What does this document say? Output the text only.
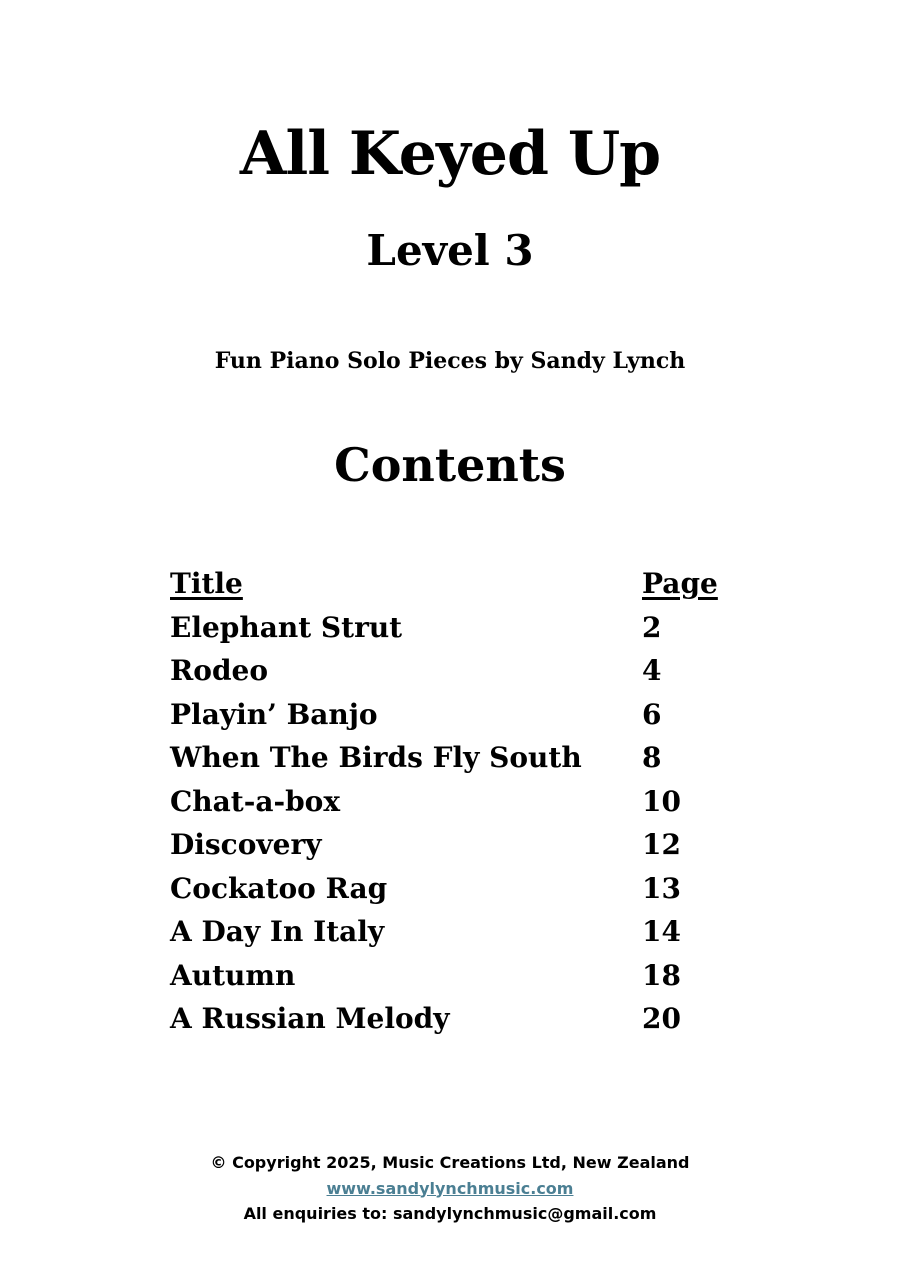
All Keyed Up
Level 3
Fun Piano Solo Pieces by Sandy Lynch
Contents
Title	Page
Elephant Strut	2
Rodeo	4
Playin’ Banjo	6
When The Birds Fly South	8
Chat-a-box	10
Discovery	12
Cockatoo Rag	13
A Day In Italy	14
Autumn	18
A Russian Melody	20
© Copyright 2025, Music Creations Ltd, New Zealand
www.sandylynchmusic.com
All enquiries to: sandylynchmusic@gmail.com
